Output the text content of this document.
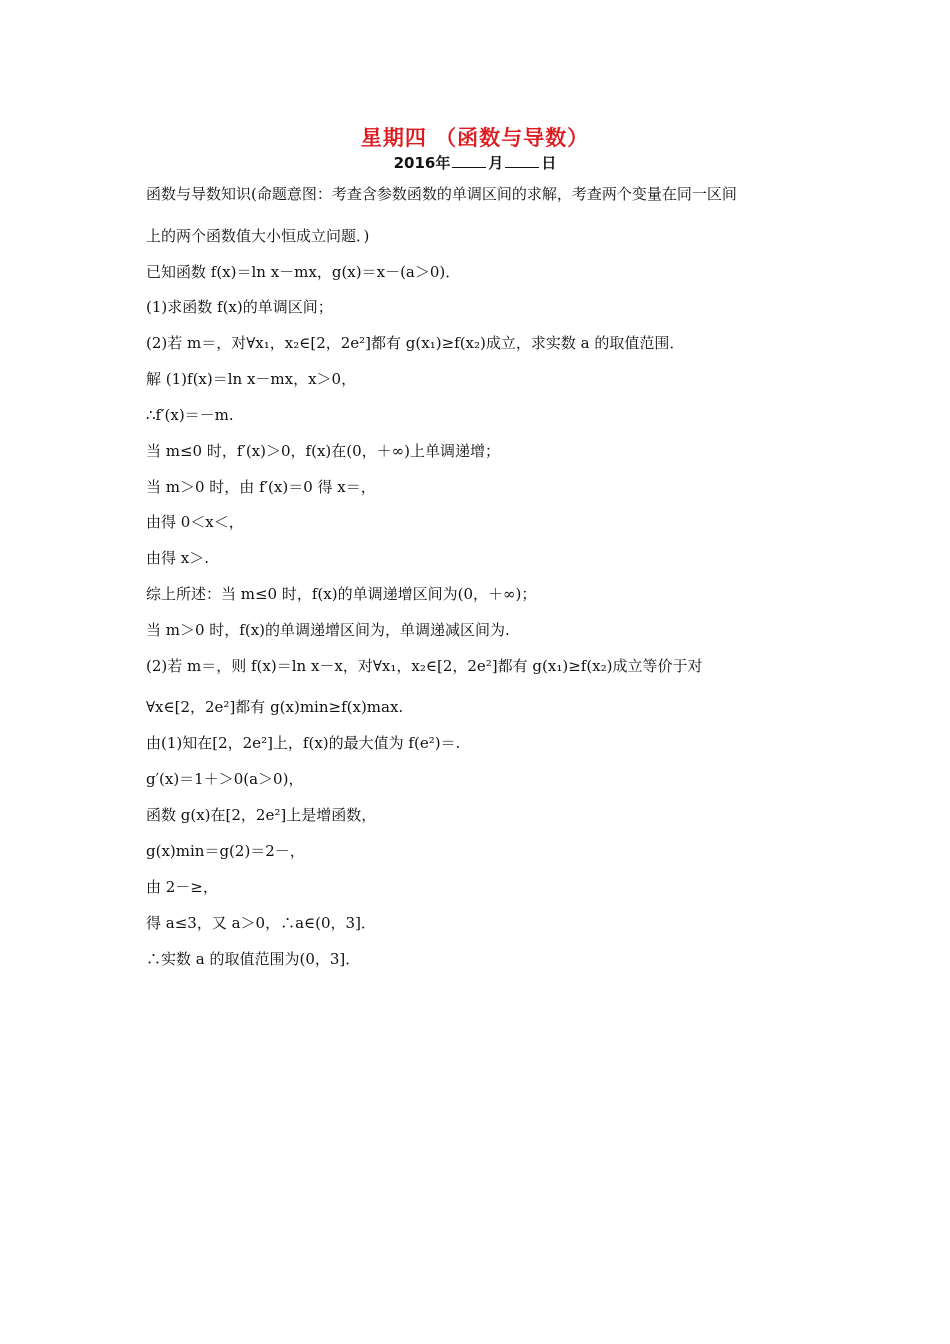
星期四 （函数与导数）
2016年	月	日
函数与导数知识(命题意图：考查含参数函数的单调区间的求解，考查两个变量在同一区间
上的两个函数值大小恒成立问题．)
已知函数 f(x)＝ln x－mx，g(x)＝x－(a＞0)．
(1)求函数 f(x)的单调区间；
(2)若 m＝，对∀x₁，x₂∈[2，2e²]都有 g(x₁)≥f(x₂)成立，求实数 a 的取值范围．
解 (1)f(x)＝ln x－mx，x＞0，
∴f′(x)＝－m.
当 m≤0 时，f′(x)＞0，f(x)在(0，＋∞)上单调递增；
当 m＞0 时，由 f′(x)＝0 得 x＝，
由得 0＜x＜，
由得 x＞.
综上所述：当 m≤0 时，f(x)的单调递增区间为(0，＋∞)；
当 m＞0 时，f(x)的单调递增区间为，单调递减区间为.
(2)若 m＝，则 f(x)＝ln x－x，对∀x₁，x₂∈[2，2e²]都有 g(x₁)≥f(x₂)成立等价于对
∀x∈[2，2e²]都有 g(x)min≥f(x)max.
由(1)知在[2，2e²]上，f(x)的最大值为 f(e²)＝.
g′(x)＝1＋＞0(a＞0)，
函数 g(x)在[2，2e²]上是增函数，
g(x)min＝g(2)＝2－，
由 2－≥，
得 a≤3，又 a＞0，∴a∈(0，3]．
∴实数 a 的取值范围为(0，3]．
